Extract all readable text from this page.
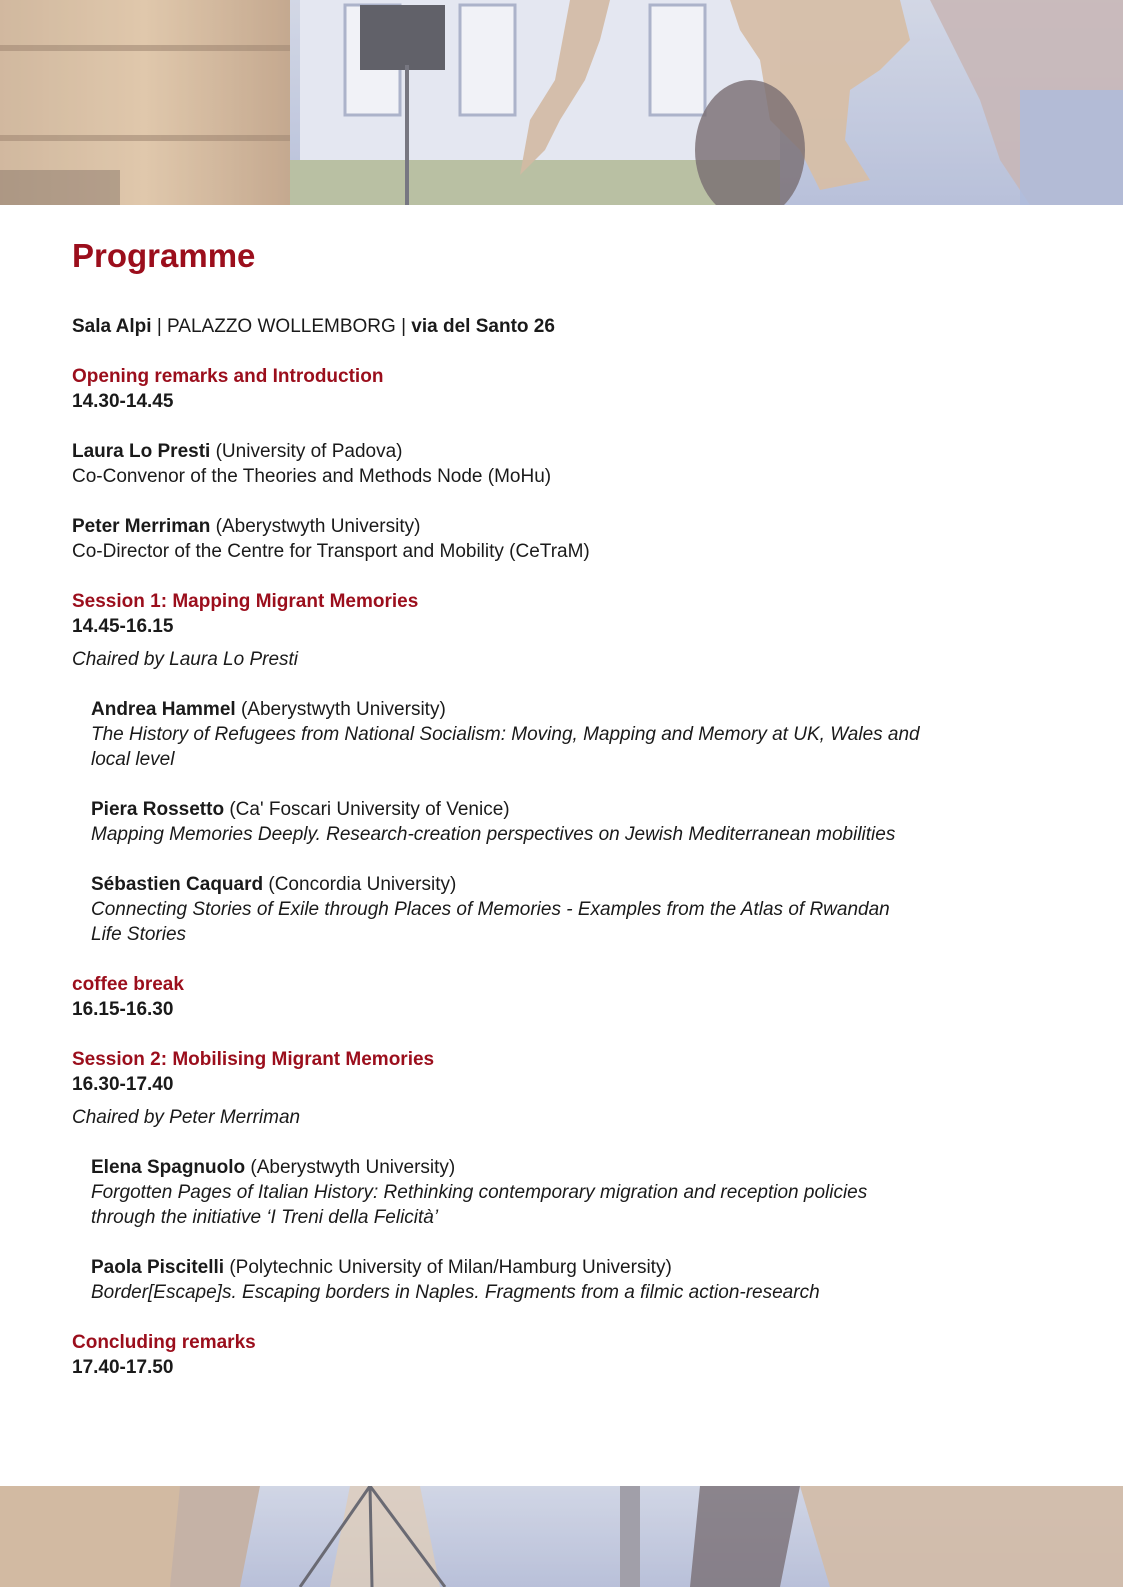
Programme
Sala Alpi | PALAZZO WOLLEMBORG | via del Santo 26
Opening remarks and Introduction
14.30-14.45
Laura Lo Presti (University of Padova)
Co-Convenor of the Theories and Methods Node (MoHu)
Peter Merriman (Aberystwyth University)
Co-Director of the Centre for Transport and Mobility (CeTraM)
Session 1: Mapping Migrant Memories
14.45-16.15
Chaired by Laura Lo Presti
Andrea Hammel (Aberystwyth University)
The History of Refugees from National Socialism: Moving, Mapping and Memory at UK, Wales and
local level
Piera Rossetto (Ca' Foscari University of Venice)
Mapping Memories Deeply. Research-creation perspectives on Jewish Mediterranean mobilities
Sébastien Caquard (Concordia University)
Connecting Stories of Exile through Places of Memories - Examples from the Atlas of Rwandan
Life Stories
coffee break
16.15-16.30
Session 2: Mobilising Migrant Memories
16.30-17.40
Chaired by Peter Merriman
Elena Spagnuolo (Aberystwyth University)
Forgotten Pages of Italian History: Rethinking contemporary migration and reception policies
through the initiative ‘I Treni della Felicità’
Paola Piscitelli (Polytechnic University of Milan/Hamburg University)
Border[Escape]s. Escaping borders in Naples. Fragments from a filmic action-research
Concluding remarks
17.40-17.50
